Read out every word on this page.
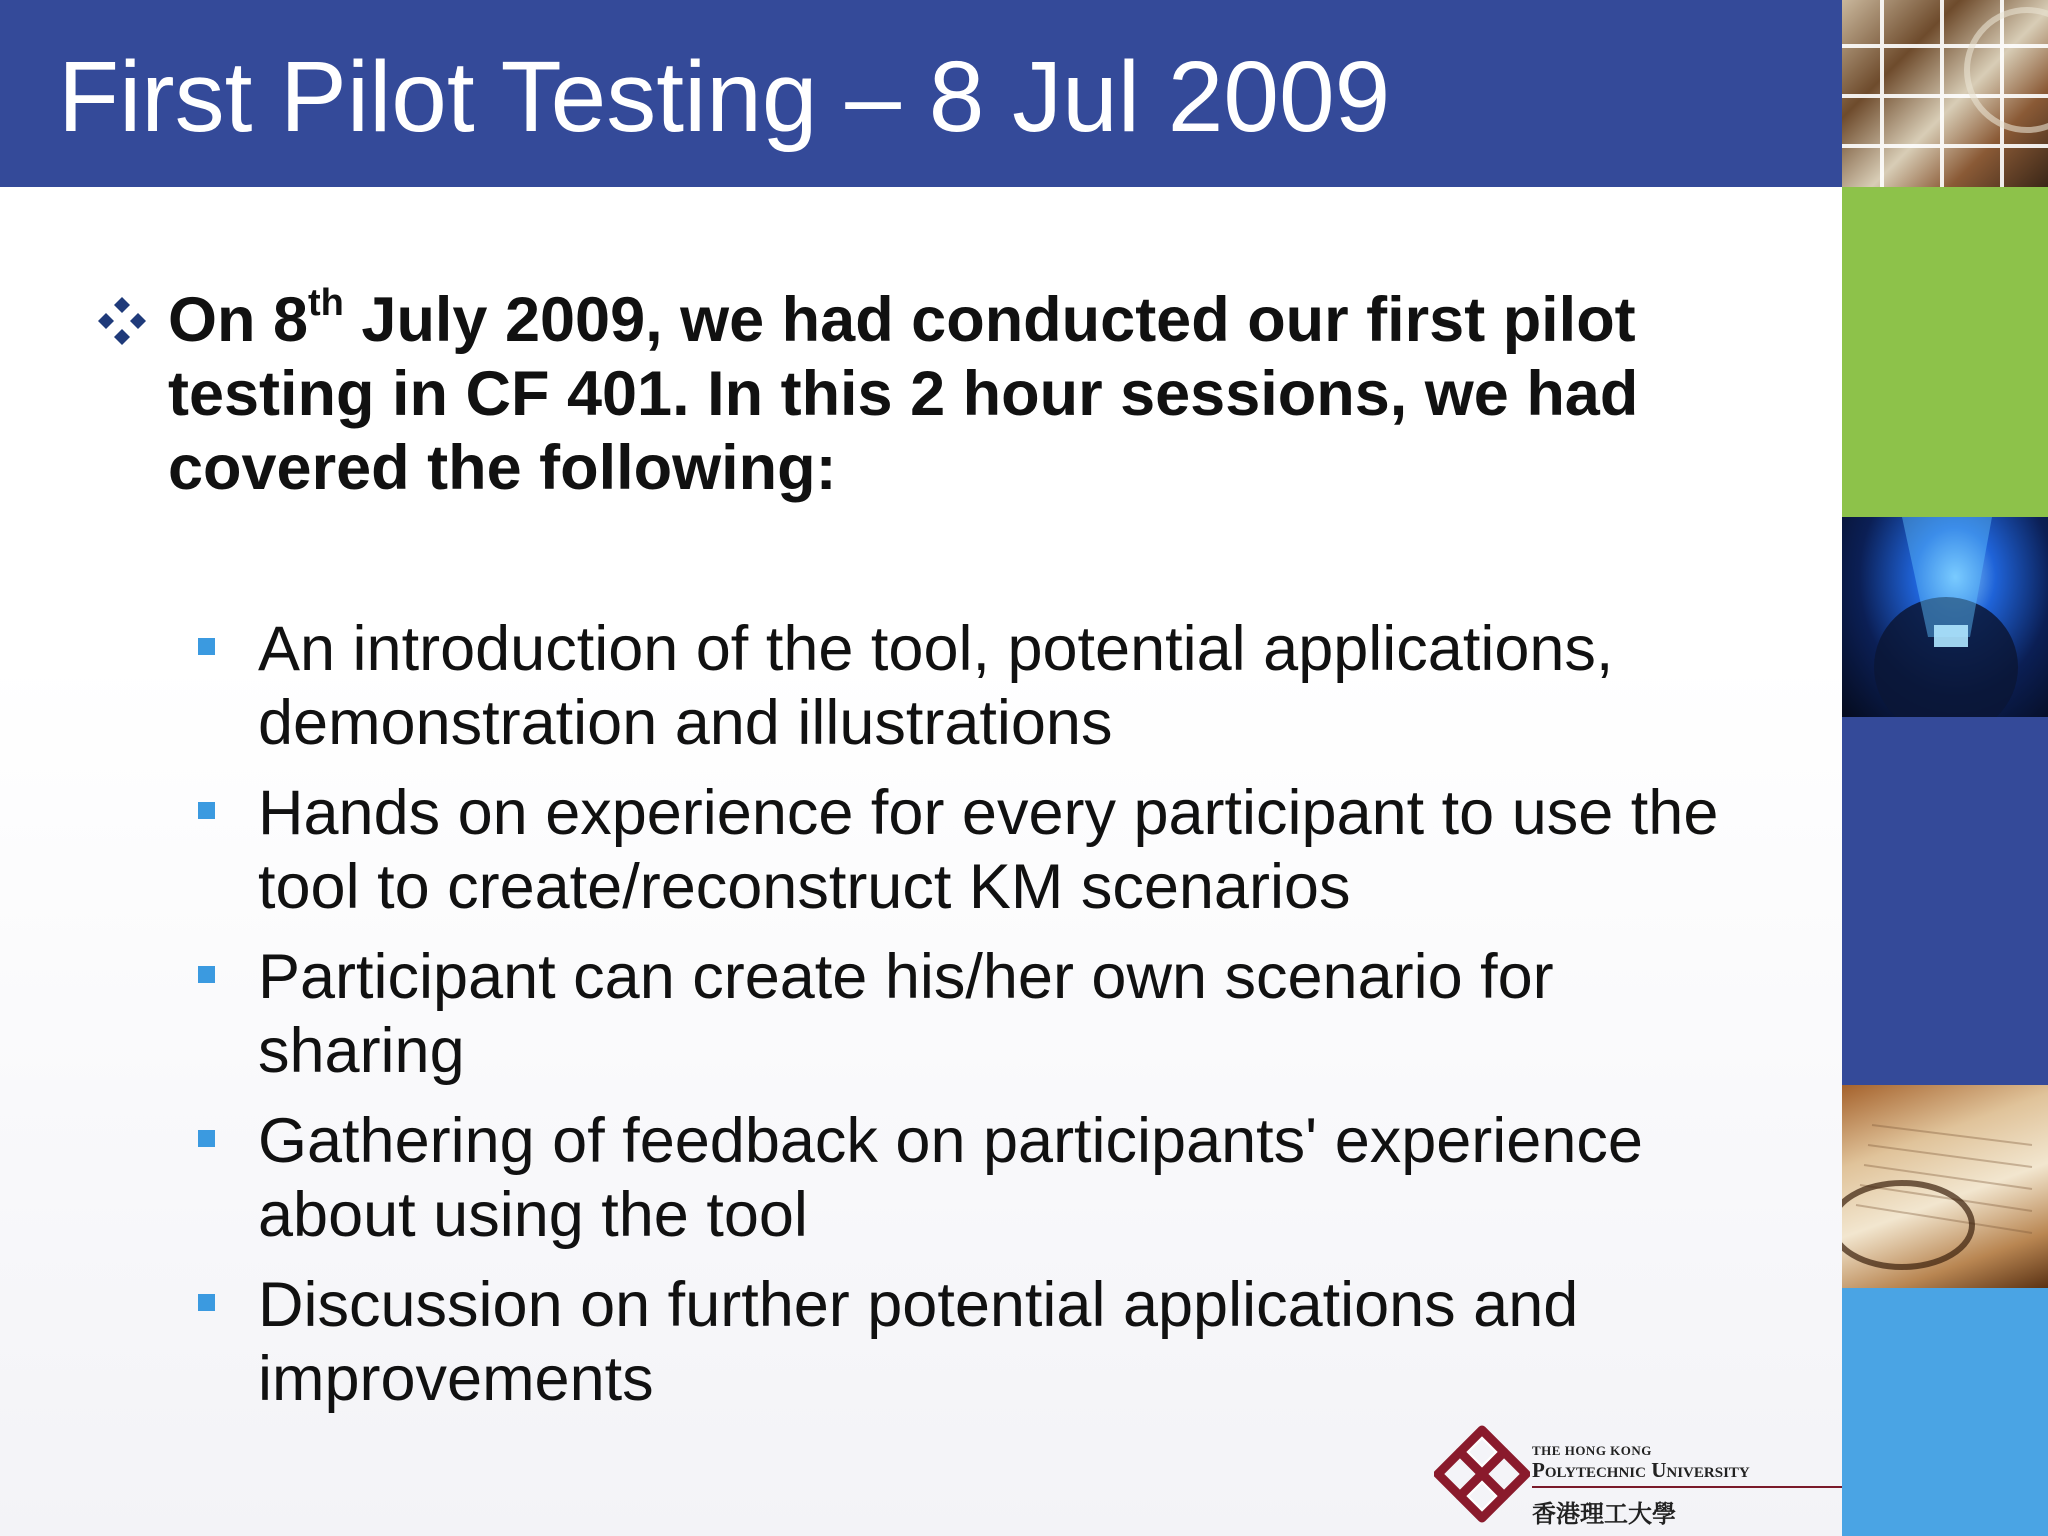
First Pilot Testing – 8 Jul 2009
On 8th July 2009, we had conducted our first pilot testing in CF 401. In this 2 hour sessions, we had covered the following:
An introduction of the tool, potential applications, demonstration and illustrations
Hands on experience for every participant to use the tool to create/reconstruct KM scenarios
Participant can create his/her own scenario for sharing
Gathering of feedback on participants' experience about using the tool
Discussion on further potential applications and improvements
THE HONG KONG
Polytechnic University
香港理工大學
